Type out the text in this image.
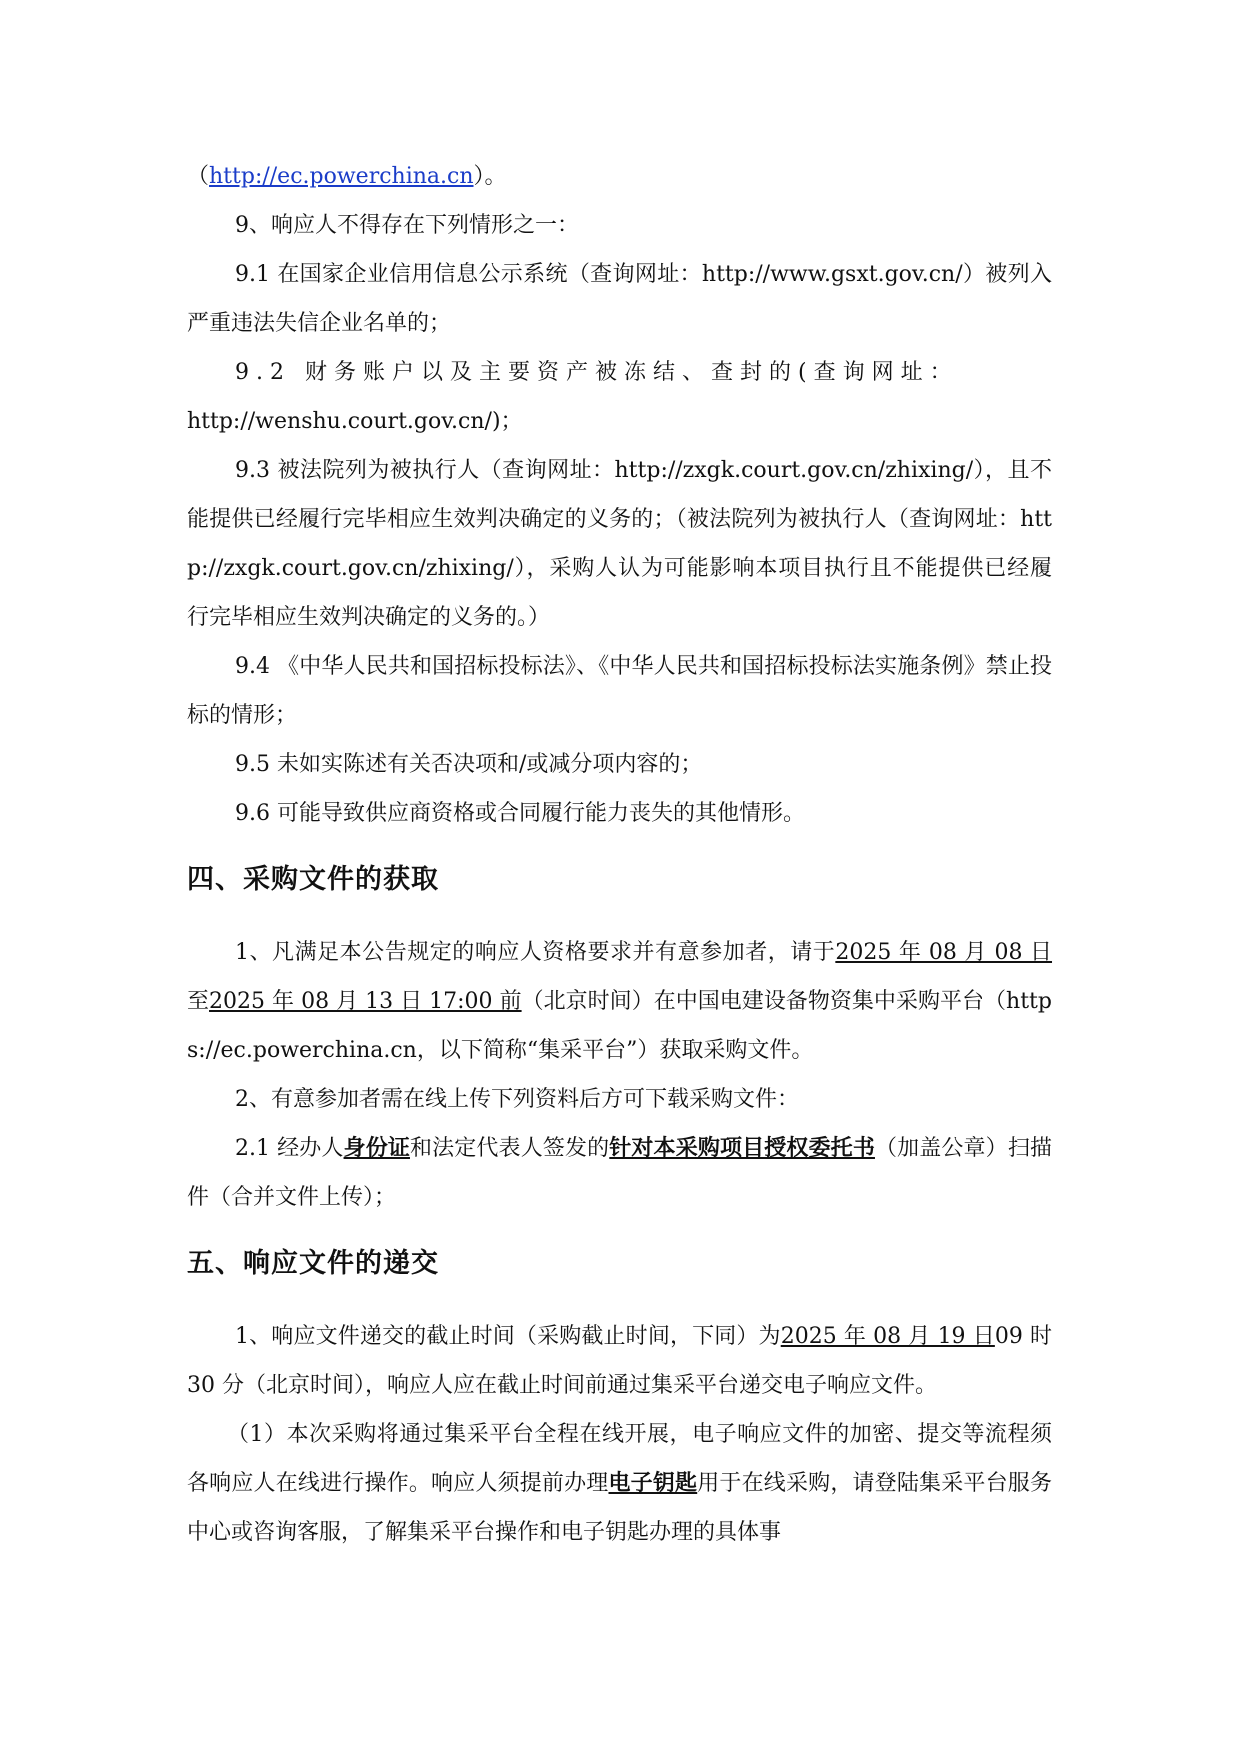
（http://ec.powerchina.cn）。

9、响应人不得存在下列情形之一：

9.1 在国家企业信用信息公示系统（查询网址：http://www.gsxt.gov.cn/）被列入严重违法失信企业名单的；

9.2 财务账户以及主要资产被冻结、查封的(查询网址：

http://wenshu.court.gov.cn/)；

9.3 被法院列为被执行人（查询网址：http://zxgk.court.gov.cn/zhixing/），且不能提供已经履行完毕相应生效判决确定的义务的；（被法院列为被执行人（查询网址：http://zxgk.court.gov.cn/zhixing/），采购人认为可能影响本项目执行且不能提供已经履行完毕相应生效判决确定的义务的。）

9.4 《中华人民共和国招标投标法》、《中华人民共和国招标投标法实施条例》禁止投标的情形；

9.5 未如实陈述有关否决项和/或减分项内容的；

9.6 可能导致供应商资格或合同履行能力丧失的其他情形。

四、采购文件的获取

1、凡满足本公告规定的响应人资格要求并有意参加者，请于2025 年 08 月 08 日至2025 年 08 月 13 日 17:00 前（北京时间）在中国电建设备物资集中采购平台（https://ec.powerchina.cn，以下简称“集采平台”）获取采购文件。

2、有意参加者需在线上传下列资料后方可下载采购文件：

2.1 经办人身份证和法定代表人签发的针对本采购项目授权委托书（加盖公章）扫描件（合并文件上传）；

五、响应文件的递交

1、响应文件递交的截止时间（采购截止时间，下同）为2025 年 08 月 19 日09 时 30 分（北京时间），响应人应在截止时间前通过集采平台递交电子响应文件。

（1）本次采购将通过集采平台全程在线开展，电子响应文件的加密、提交等流程须各响应人在线进行操作。响应人须提前办理电子钥匙用于在线采购，请登陆集采平台服务中心或咨询客服，了解集采平台操作和电子钥匙办理的具体事
